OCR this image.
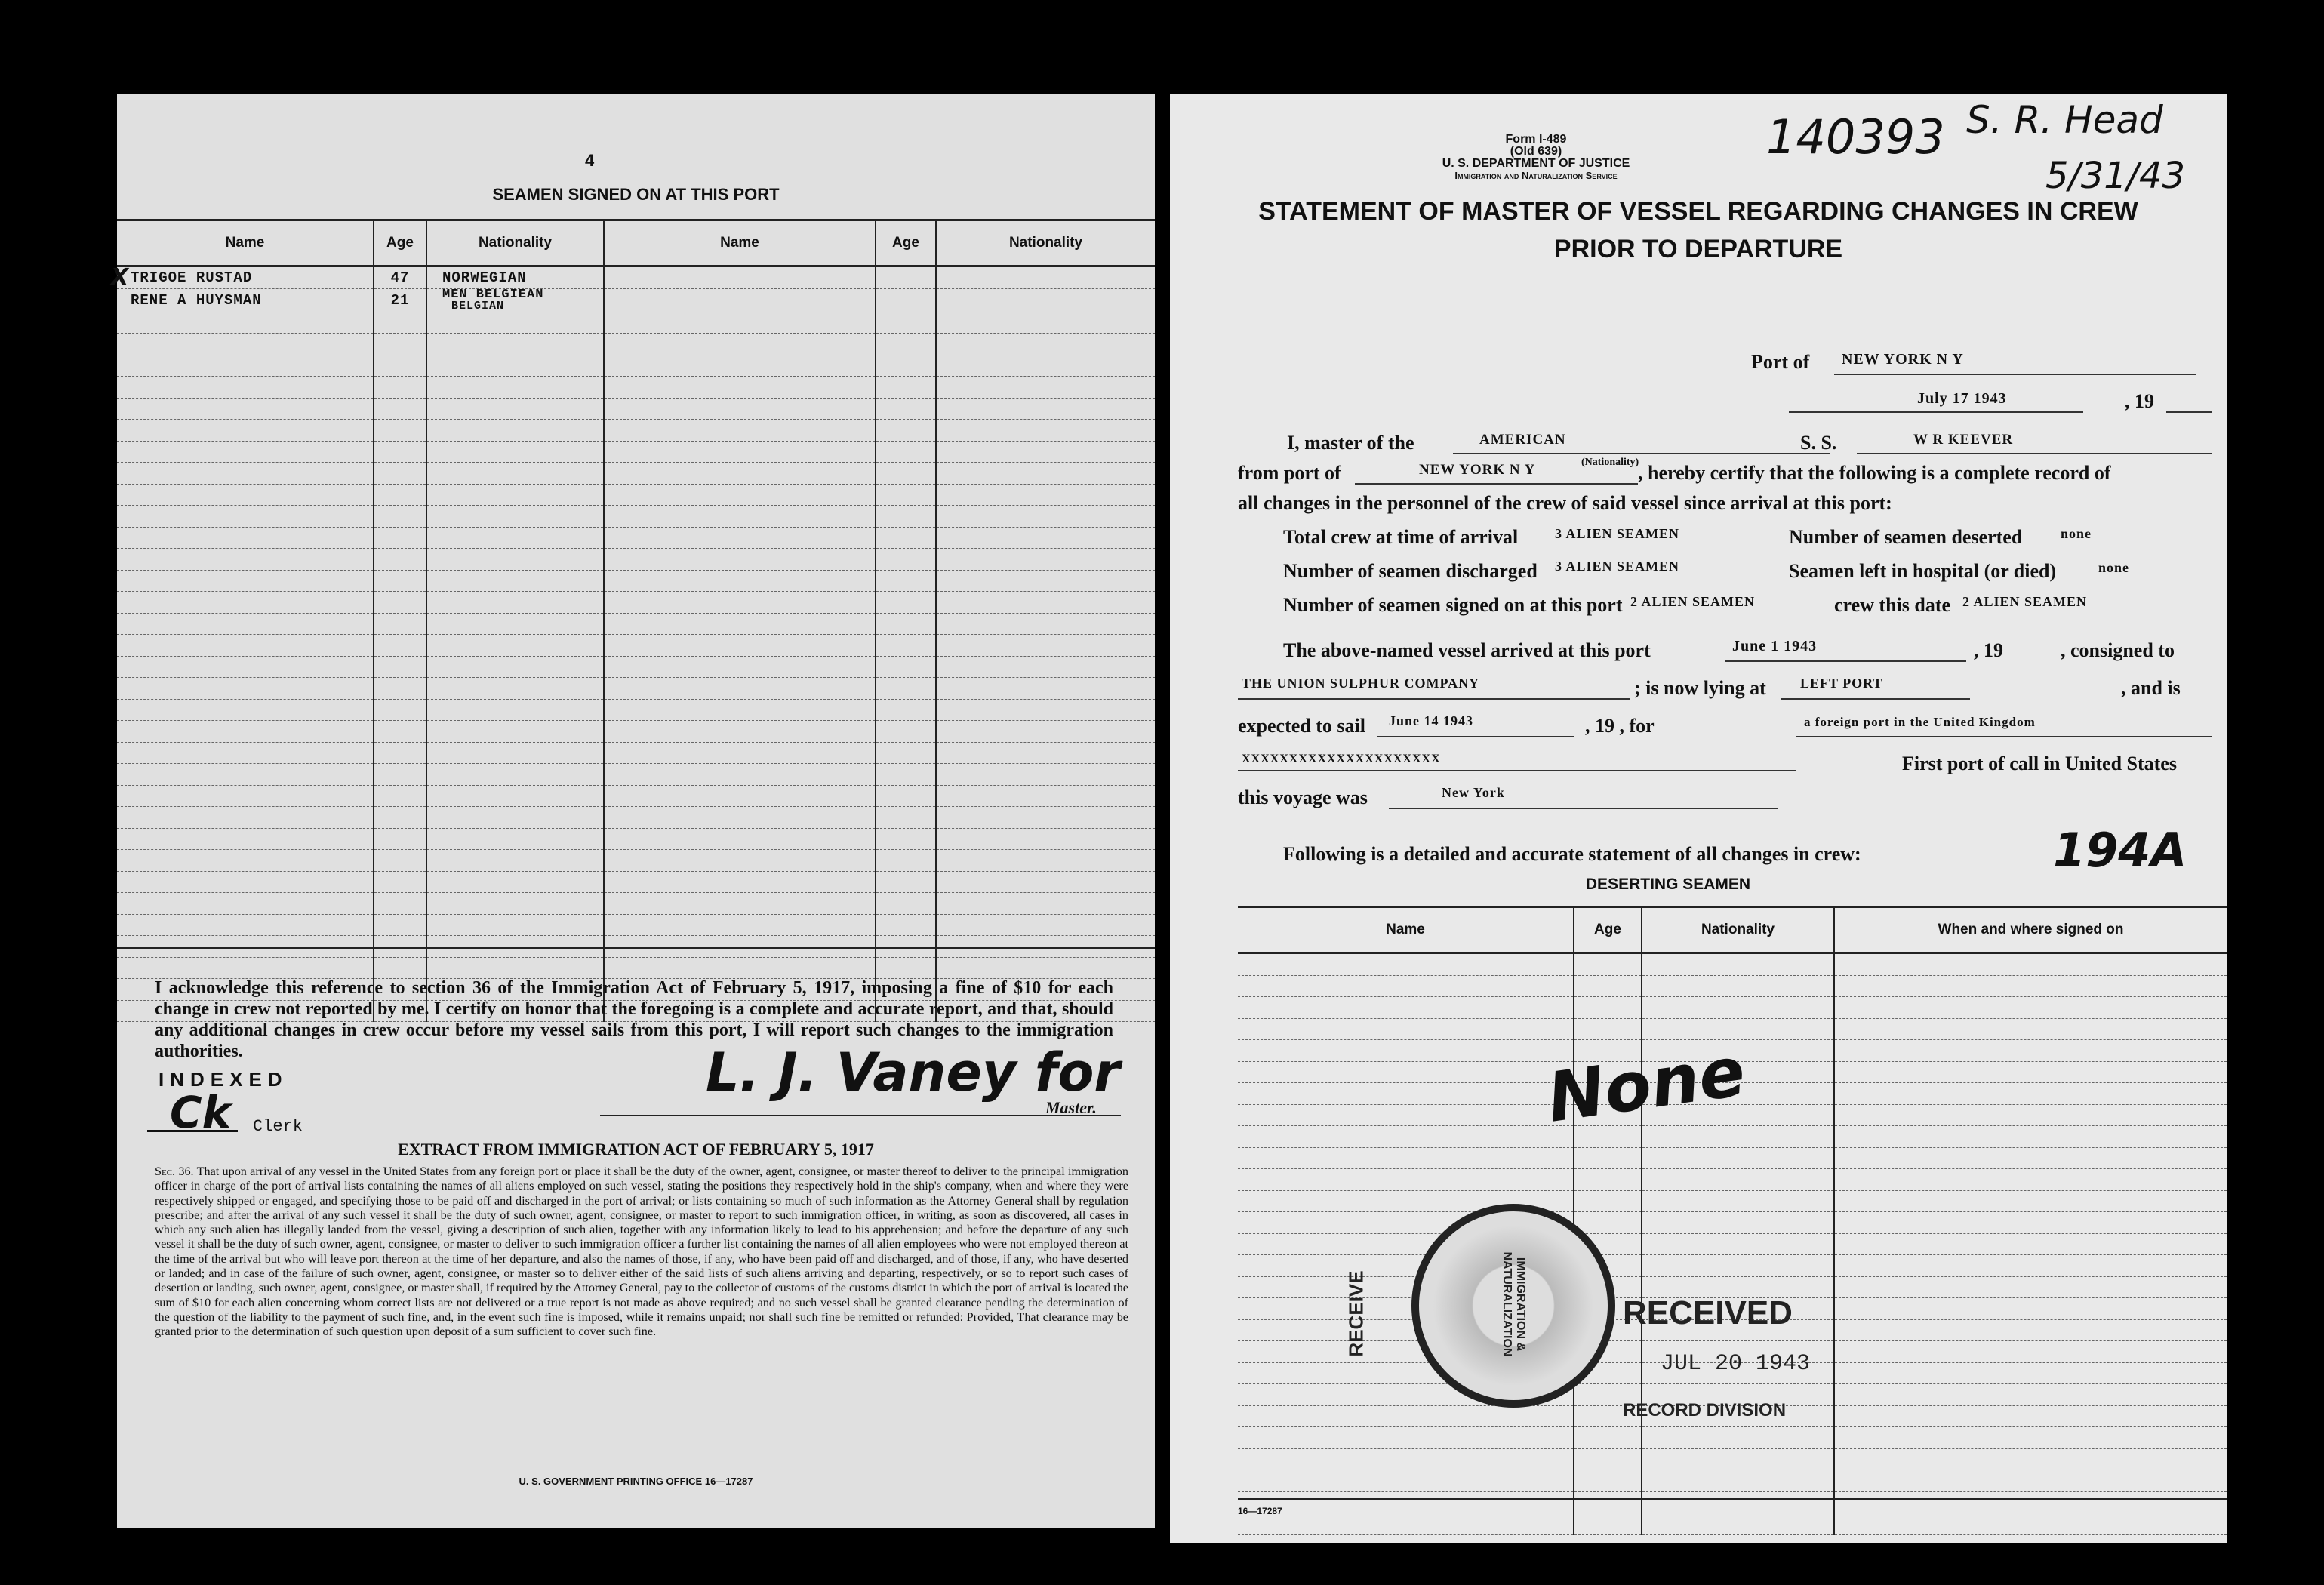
4
SEAMEN SIGNED ON AT THIS PORT
Name	Age	Nationality	Name	Age	Nationality

X TRIGOE RUSTAD	47	NORWEGIAN			
RENE A HUYSMAN	21	MEN BELGIEAN
BELGIAN			

I acknowledge this reference to section 36 of the Immigration Act of February 5, 1917, imposing a fine of $10 for each change in crew not reported by me. I certify on honor that the foregoing is a complete and accurate report, and that, should any additional changes in crew occur before my vessel sails from this port, I will report such changes to the immigration authorities.
INDEXED
Ck Clerk
L. J. Vaney for
Master.
EXTRACT FROM IMMIGRATION ACT OF FEBRUARY 5, 1917
Sec. 36. That upon arrival of any vessel in the United States from any foreign port or place it shall be the duty of the owner, agent, consignee, or master thereof to deliver to the principal immigration officer in charge of the port of arrival lists containing the names of all aliens employed on such vessel, stating the positions they respectively hold in the ship's company, when and where they were respectively shipped or engaged, and specifying those to be paid off and discharged in the port of arrival; or lists containing so much of such information as the Attorney General shall by regulation prescribe; and after the arrival of any such vessel it shall be the duty of such owner, agent, consignee, or master to report to such immigration officer, in writing, as soon as discovered, all cases in which any such alien has illegally landed from the vessel, giving a description of such alien, together with any information likely to lead to his apprehension; and before the departure of any such vessel it shall be the duty of such owner, agent, consignee, or master to deliver to such immigration officer a further list containing the names of all alien employees who were not employed thereon at the time of the arrival but who will leave port thereon at the time of her departure, and also the names of those, if any, who have been paid off and discharged, and of those, if any, who have deserted or landed; and in case of the failure of such owner, agent, consignee, or master so to deliver either of the said lists of such aliens arriving and departing, respectively, or so to report such cases of desertion or landing, such owner, agent, consignee, or master shall, if required by the Attorney General, pay to the collector of customs of the customs district in which the port of arrival is located the sum of $10 for each alien concerning whom correct lists are not delivered or a true report is not made as above required; and no such vessel shall be granted clearance pending the determination of the question of the liability to the payment of such fine, and, in the event such fine is imposed, while it remains unpaid; nor shall such fine be remitted or refunded: Provided, That clearance may be granted prior to the determination of such question upon deposit of a sum sufficient to cover such fine.
U. S. GOVERNMENT PRINTING OFFICE 16—17287
Form I-489
(Old 639)
U. S. DEPARTMENT OF JUSTICE
Immigration and Naturalization Service
140393 S. R. Head
5/31/43
STATEMENT OF MASTER OF VESSEL REGARDING CHANGES IN CREW
PRIOR TO DEPARTURE
Port of NEW YORK N Y
July 17 1943	, 19
I, master of the	AMERICAN
(Nationality)
S. S.	W R KEEVER
from port of	NEW YORK N Y	, hereby certify that the following is a complete record of
all changes in the personnel of the crew of said vessel since arrival at this port:
Total crew at time of arrival	3 ALIEN SEAMEN	Number of seamen deserted	none
Number of seamen discharged 3 ALIEN SEAMEN	Seamen left in hospital (or died)	none
Number of seamen signed on at this port 2 ALIEN SEAMEN	crew this date 2 ALIEN SEAMEN
The above-named vessel arrived at this port	June 1 1943	, 19	, consigned to
THE UNION SULPHUR COMPANY	; is now lying at	LEFT PORT	, and is
expected to sail June 14 1943	, 19 , for	a foreign port in the United Kingdom
XXXXXXXXXXXXXXXXXXXXX	First port of call in United States
this voyage was	New York
Following is a detailed and accurate statement of all changes in crew:	194A
DESERTING SEAMEN
Name	Age	Nationality	When and where signed on

None
IMMIGRATION & NATURALIZATION
RECEIVE	RECEIVED
JUL 20 1943
RECORD DIVISION
16—17287
